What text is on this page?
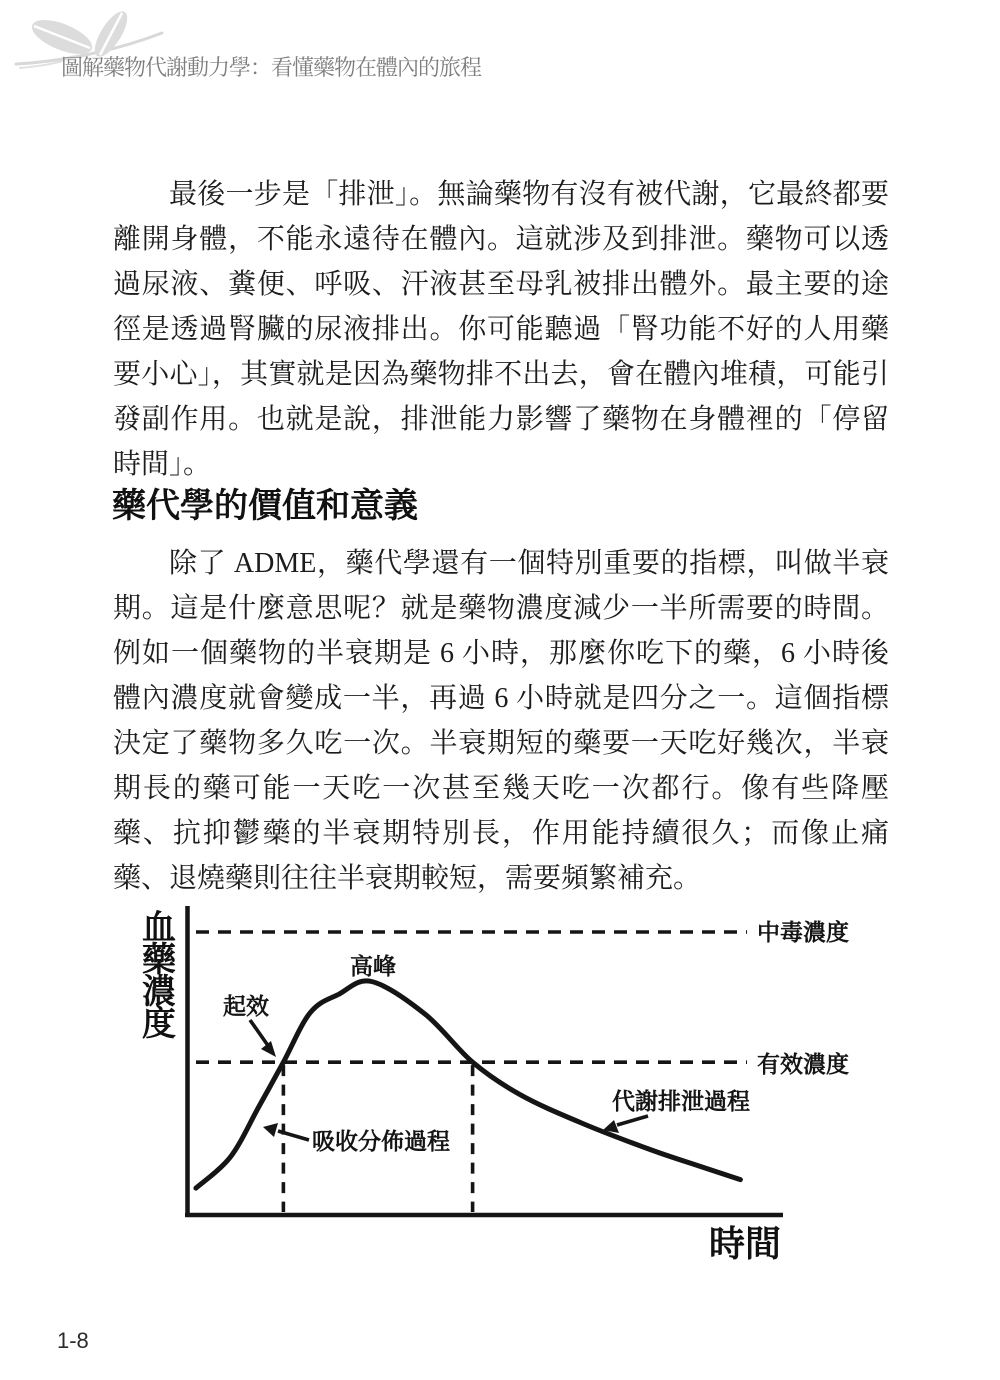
圖解藥物代謝動力學：看懂藥物在體內的旅程

最後一步是「排泄」。無論藥物有沒有被代謝，它最終都要離開身體，不能永遠待在體內。這就涉及到排泄。藥物可以透過尿液、糞便、呼吸、汗液甚至母乳被排出體外。最主要的途徑是透過腎臟的尿液排出。你可能聽過「腎功能不好的人用藥要小心」，其實就是因為藥物排不出去，會在體內堆積，可能引發副作用。也就是說，排泄能力影響了藥物在身體裡的「停留時間」。

藥代學的價值和意義

除了 ADME，藥代學還有一個特別重要的指標，叫做半衰期。這是什麼意思呢？就是藥物濃度減少一半所需要的時間。例如一個藥物的半衰期是 6 小時，那麼你吃下的藥，6 小時後體內濃度就會變成一半，再過 6 小時就是四分之一。這個指標決定了藥物多久吃一次。半衰期短的藥要一天吃好幾次，半衰期長的藥可能一天吃一次甚至幾天吃一次都行。像有些降壓藥、抗抑鬱藥的半衰期特別長，作用能持續很久；而像止痛藥、退燒藥則往往半衰期較短，需要頻繁補充。

血藥濃度
高峰
起效
中毒濃度
有效濃度
吸收分佈過程
代謝排泄過程
時間
1-8
